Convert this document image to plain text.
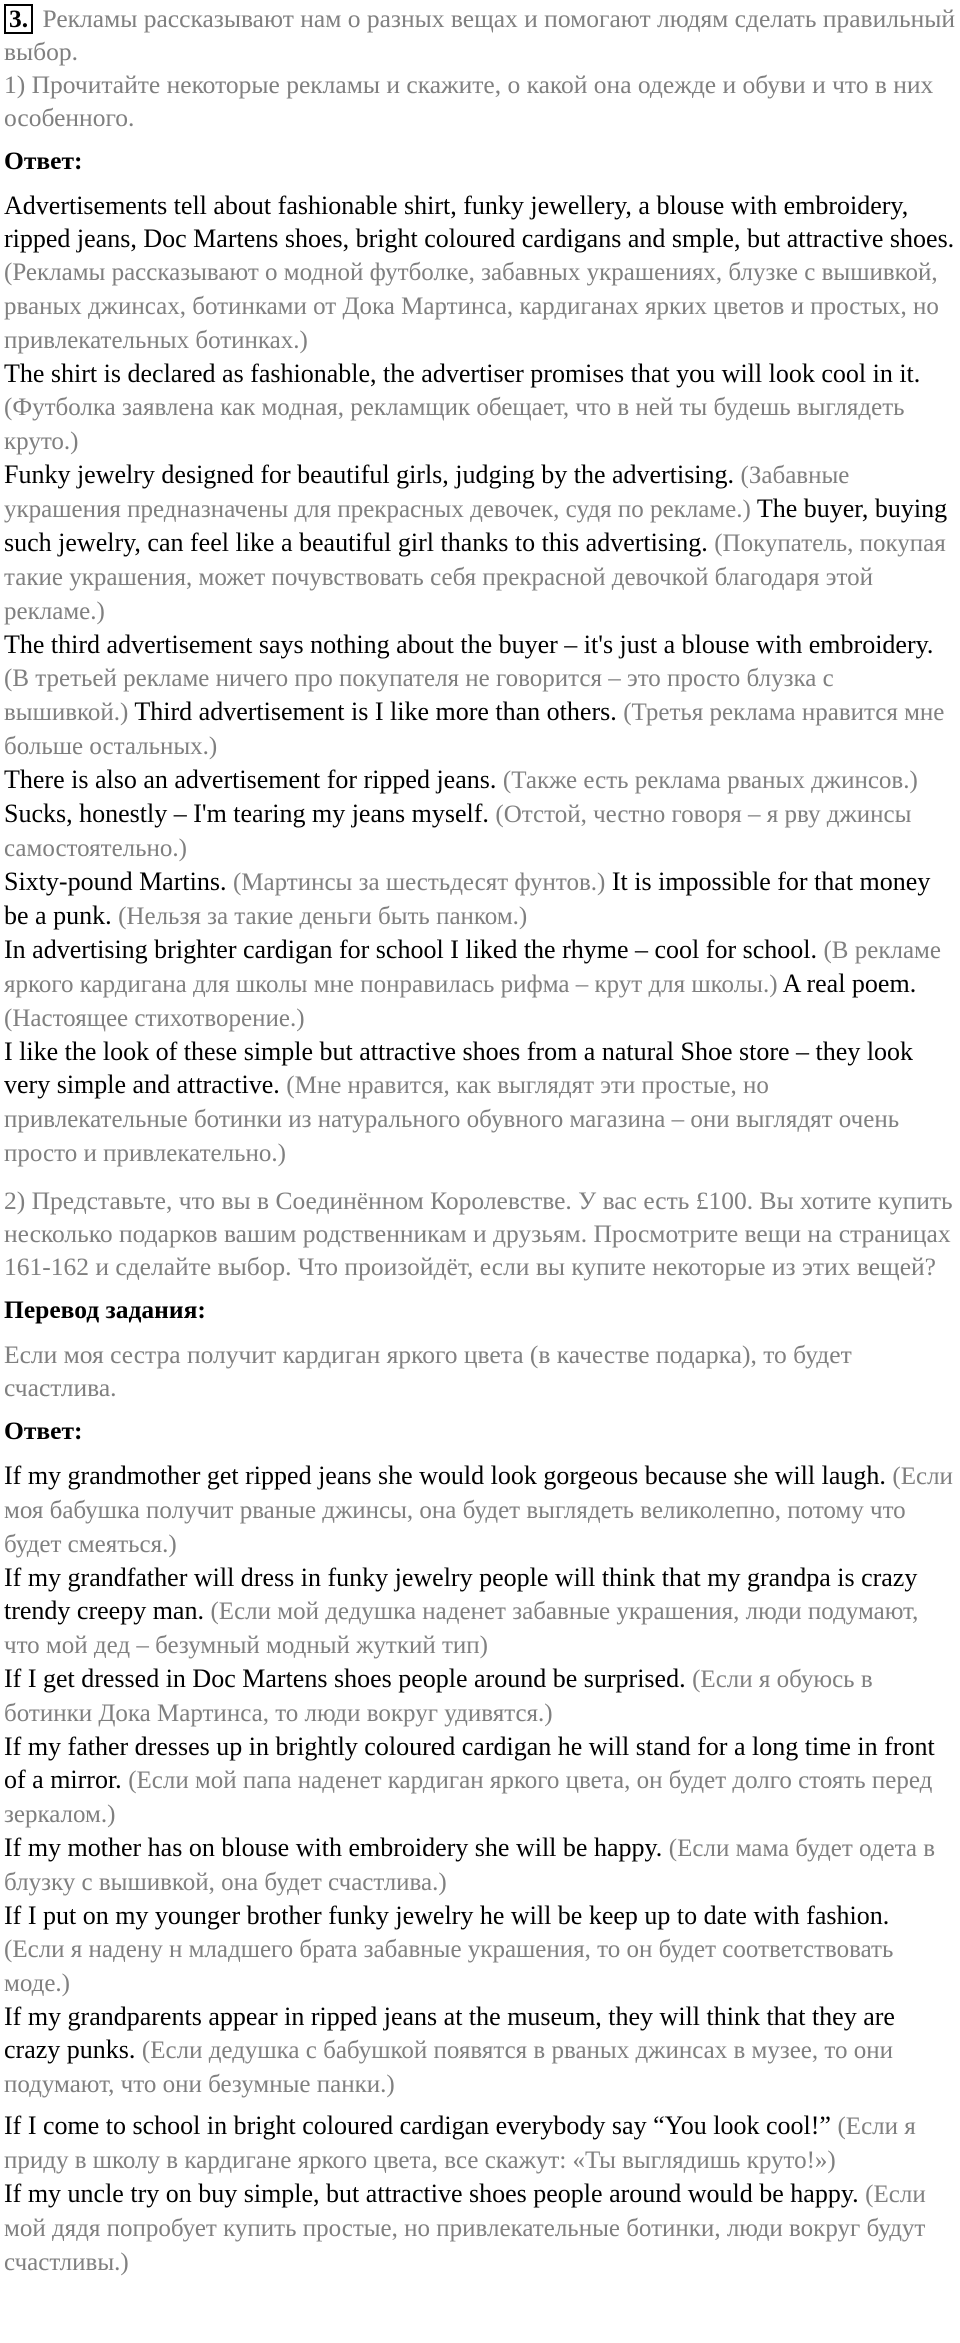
3. Рекламы рассказывают нам о разных вещах и помогают людям сделать правильный выбор.

1) Прочитайте некоторые рекламы и скажите, о какой она одежде и обуви и что в них особенного.

Ответ:

Advertisements tell about fashionable shirt, funky jewellery, a blouse with embroidery, ripped jeans, Doc Martens shoes, bright coloured cardigans and smple, but attractive shoes. (Рекламы рассказывают о модной футболке, забавных украшениях, блузке с вышивкой, рваных джинсах, ботинками от Дока Мартинса, кардиганах ярких цветов и простых, но привлекательных ботинках.)

The shirt is declared as fashionable, the advertiser promises that you will look cool in it. (Футболка заявлена как модная, рекламщик обещает, что в ней ты будешь выглядеть круто.)

Funky jewelry designed for beautiful girls, judging by the advertising. (Забавные украшения предназначены для прекрасных девочек, судя по рекламе.) The buyer, buying such jewelry, can feel like a beautiful girl thanks to this advertising. (Покупатель, покупая такие украшения, может почувствовать себя прекрасной девочкой благодаря этой рекламе.)

The third advertisement says nothing about the buyer – it's just a blouse with embroidery. (В третьей рекламе ничего про покупателя не говорится – это просто блузка с вышивкой.) Third advertisement is I like more than others. (Третья реклама нравится мне больше остальных.)

There is also an advertisement for ripped jeans. (Также есть реклама рваных джинсов.) Sucks, honestly – I'm tearing my jeans myself. (Отстой, честно говоря – я рву джинсы самостоятельно.)

Sixty-pound Martins. (Мартинсы за шестьдесят фунтов.) It is impossible for that money be a punk. (Нельзя за такие деньги быть панком.)

In advertising brighter cardigan for school I liked the rhyme – cool for school. (В рекламе яркого кардигана для школы мне понравилась рифма – крут для школы.) A real poem. (Настоящее стихотворение.)

I like the look of these simple but attractive shoes from a natural Shoe store – they look very simple and attractive. (Мне нравится, как выглядят эти простые, но привлекательные ботинки из натурального обувного магазина – они выглядят очень просто и привлекательно.)

2) Представьте, что вы в Соединённом Королевстве. У вас есть £100. Вы хотите купить несколько подарков вашим родственникам и друзьям. Просмотрите вещи на страницах 161-162 и сделайте выбор. Что произойдёт, если вы купите некоторые из этих вещей?

Перевод задания:

Если моя сестра получит кардиган яркого цвета (в качестве подарка), то будет счастлива.

Ответ:

If my grandmother get ripped jeans she would look gorgeous because she will laugh. (Если моя бабушка получит рваные джинсы, она будет выглядеть великолепно, потому что будет смеяться.)

If my grandfather will dress in funky jewelry people will think that my grandpa is crazy trendy creepy man. (Если мой дедушка наденет забавные украшения, люди подумают, что мой дед – безумный модный жуткий тип)

If I get dressed in Doc Martens shoes people around be surprised. (Если я обуюсь в ботинки Дока Мартинса, то люди вокруг удивятся.)

If my father dresses up in brightly coloured cardigan he will stand for a long time in front of a mirror. (Если мой папа наденет кардиган яркого цвета, он будет долго стоять перед зеркалом.)

If my mother has on blouse with embroidery she will be happy. (Если мама будет одета в блузку с вышивкой, она будет счастлива.)

If I put on my younger brother funky jewelry he will be keep up to date with fashion. (Если я надену н младшего брата забавные украшения, то он будет соответствовать моде.)

If my grandparents appear in ripped jeans at the museum, they will think that they are crazy punks. (Если дедушка с бабушкой появятся в рваных джинсах в музее, то они подумают, что они безумные панки.)

If I come to school in bright coloured cardigan everybody say “You look cool!” (Если я приду в школу в кардигане яркого цвета, все скажут: «Ты выглядишь круто!»)

If my uncle try on buy simple, but attractive shoes people around would be happy. (Если мой дядя попробует купить простые, но привлекательные ботинки, люди вокруг будут счастливы.)
